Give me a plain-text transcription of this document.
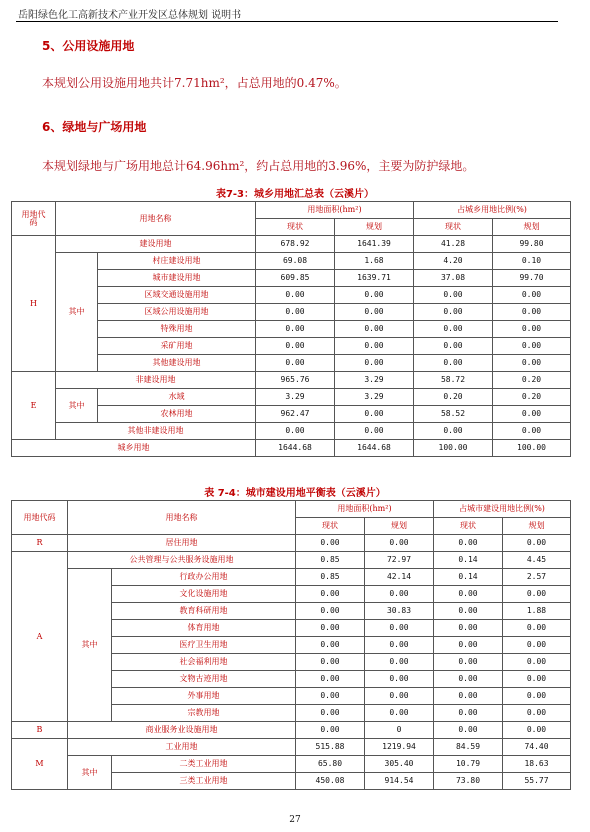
岳阳绿色化工高新技术产业开发区总体规划 说明书
5、公用设施用地
本规划公用设施用地共计7.71hm²，占总用地的0.47%。
6、绿地与广场用地
本规划绿地与广场用地总计64.96hm²，约占总用地的3.96%，主要为防护绿地。
表7-3：城乡用地汇总表（云溪片）
用地代码	用地名称		用地面积(hm²)		占城乡用地比例(%)	
			现状	规划	现状	规划
H	建设用地		678.92	1641.39	41.28	99.80
	其中	村庄建设用地	69.08	1.68	4.20	0.10
		城市建设用地	609.85	1639.71	37.08	99.70
		区域交通设施用地	0.00	0.00	0.00	0.00
		区域公用设施用地	0.00	0.00	0.00	0.00
		特殊用地	0.00	0.00	0.00	0.00
		采矿用地	0.00	0.00	0.00	0.00
		其他建设用地	0.00	0.00	0.00	0.00
E	非建设用地		965.76	3.29	58.72	0.20
	其中	水域	3.29	3.29	0.20	0.20
		农林用地	962.47	0.00	58.52	0.00
	其他非建设用地		0.00	0.00	0.00	0.00
城乡用地			1644.68	1644.68	100.00	100.00
表 7-4：城市建设用地平衡表（云溪片）
用地代码	用地名称		用地面积(hm²)		占城市建设用地比例(%)	
			现状	规划	现状	规划
R	居住用地		0.00	0.00	0.00	0.00
A	公共管理与公共服务设施用地		0.85	72.97	0.14	4.45
	其中	行政办公用地	0.85	42.14	0.14	2.57
		文化设施用地	0.00	0.00	0.00	0.00
		教育科研用地	0.00	30.83	0.00	1.88
		体育用地	0.00	0.00	0.00	0.00
		医疗卫生用地	0.00	0.00	0.00	0.00
		社会福利用地	0.00	0.00	0.00	0.00
		文物古迹用地	0.00	0.00	0.00	0.00
		外事用地	0.00	0.00	0.00	0.00
		宗教用地	0.00	0.00	0.00	0.00
B	商业服务业设施用地		0.00	0	0.00	0.00
M	工业用地		515.88	1219.94	84.59	74.40
	其中	二类工业用地	65.80	305.40	10.79	18.63
		三类工业用地	450.08	914.54	73.80	55.77
27
